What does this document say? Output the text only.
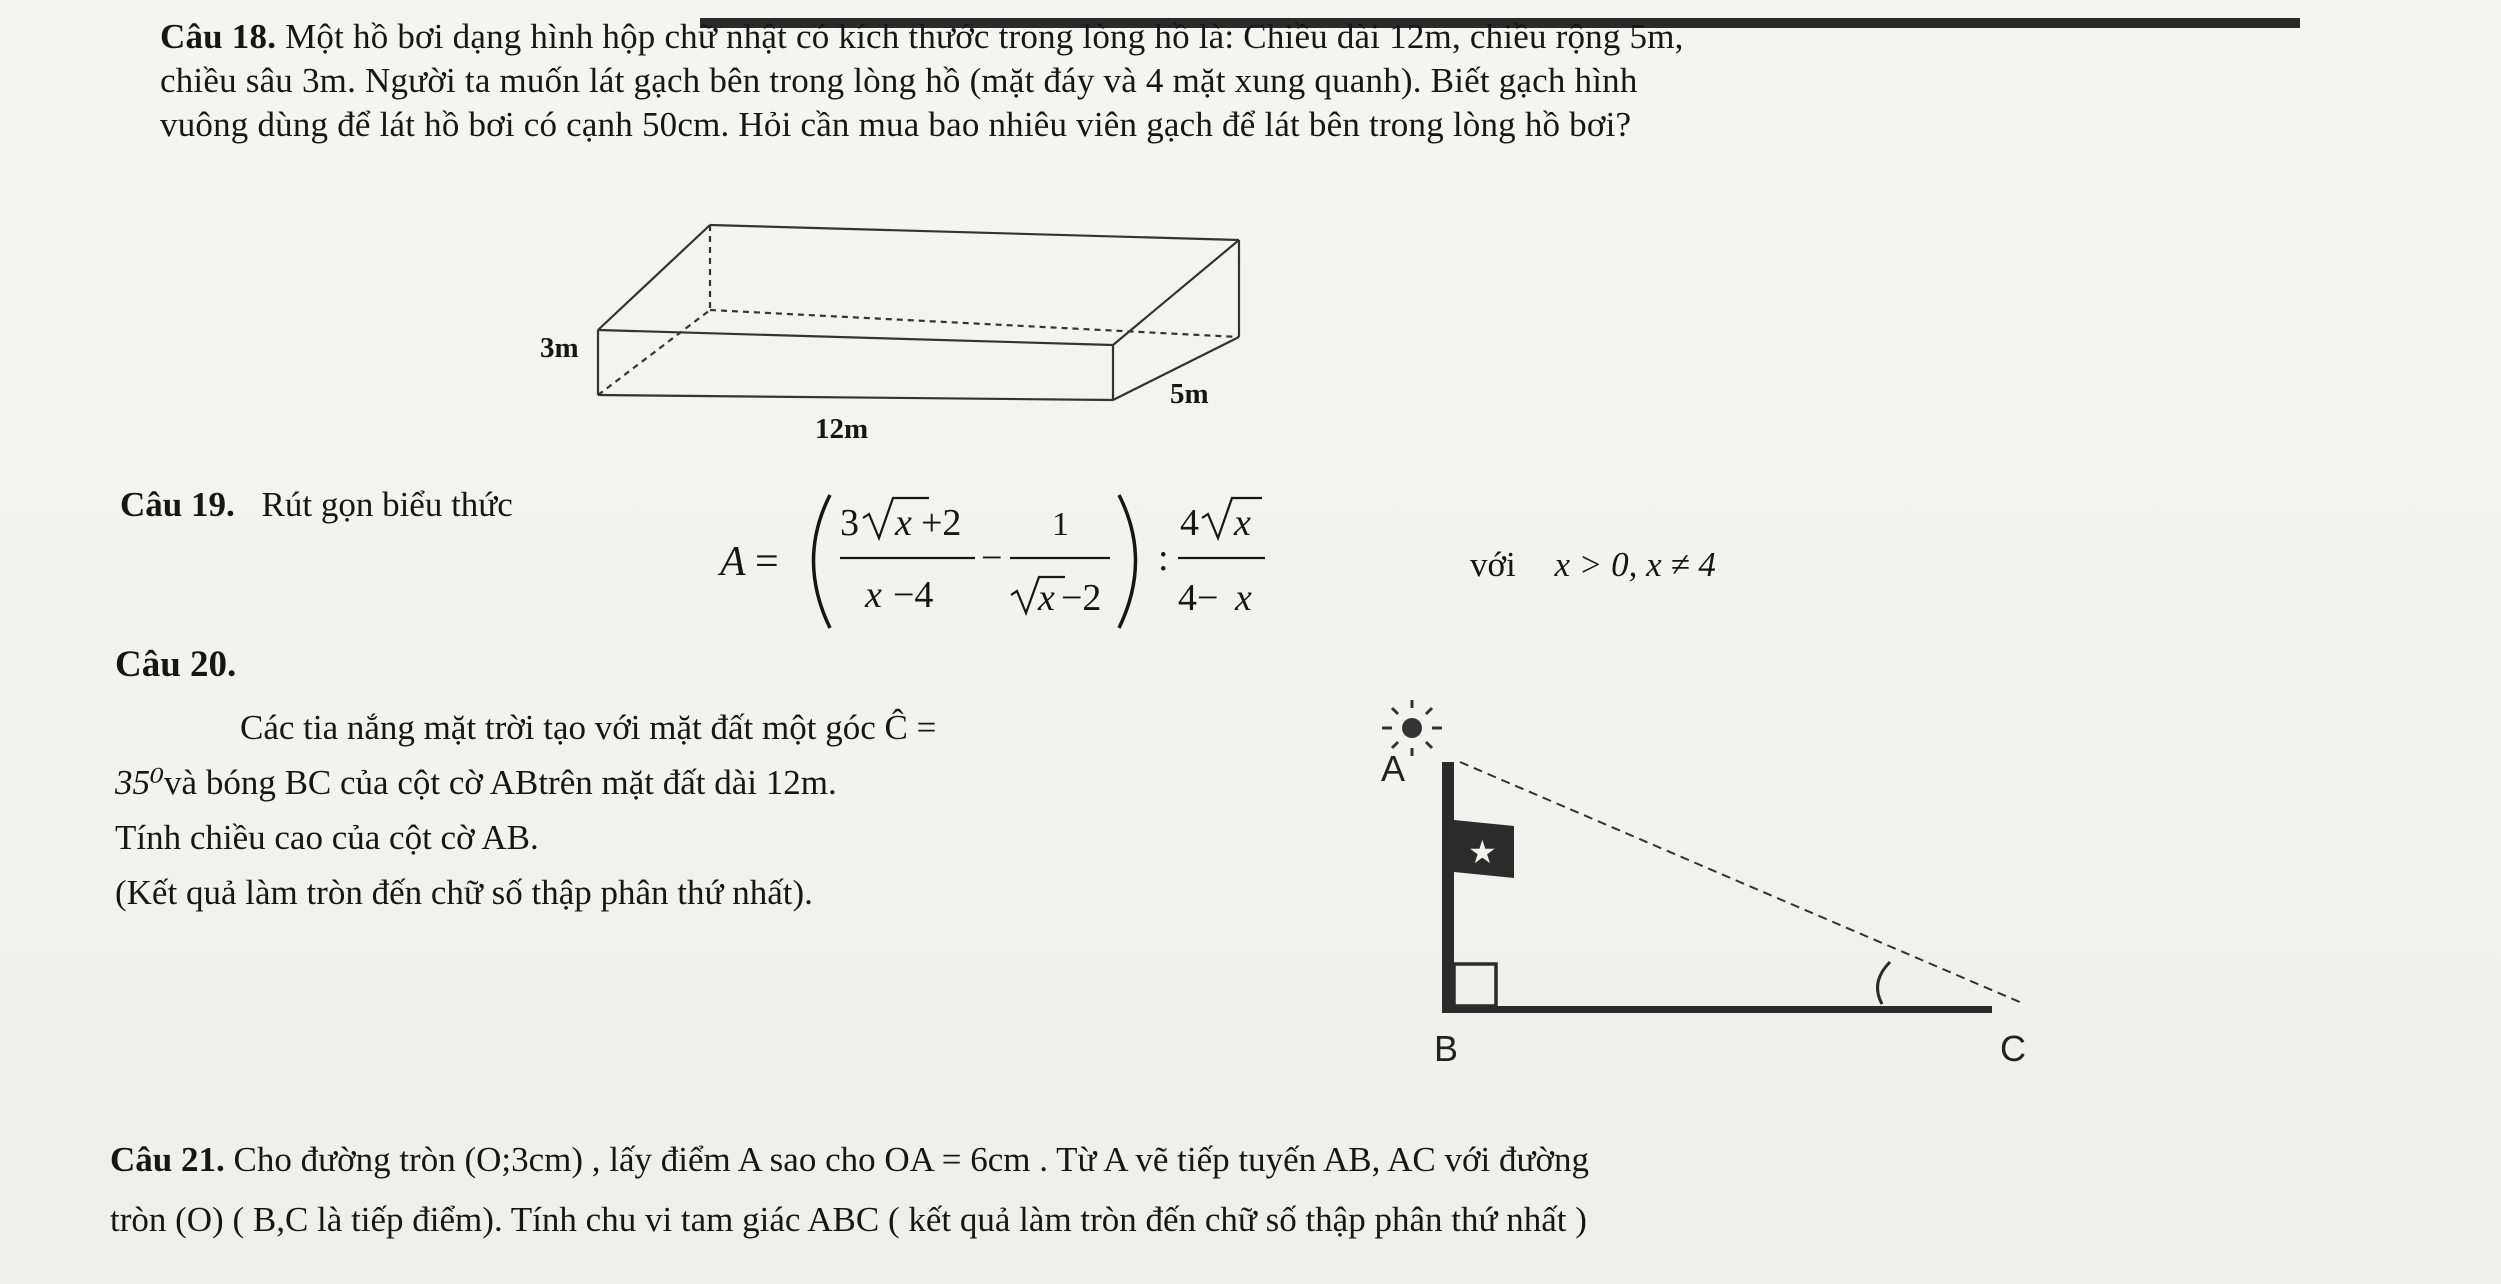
Câu 18. Một hồ bơi dạng hình hộp chữ nhật có kích thước trong lòng hồ là: Chiều dài 12m, chiều rộng 5m,
chiều sâu 3m. Người ta muốn lát gạch bên trong lòng hồ (mặt đáy và 4 mặt xung quanh). Biết gạch hình
vuông dùng để lát hồ bơi có cạnh 50cm. Hỏi cần mua bao nhiêu viên gạch để lát bên trong lòng hồ bơi?
3m
5m
12m
Câu 19. Rút gọn biểu thức
A =
3 x +2
x −4
−
1
x −2
:
4 x
4− x
với x > 0, x ≠ 4
Câu 20.
Các tia nắng mặt trời tạo với mặt đất một góc Ĉ =
35⁰và bóng BC của cột cờ ABtrên mặt đất dài 12m.
Tính chiều cao của cột cờ AB.
(Kết quả làm tròn đến chữ số thập phân thứ nhất).
★
A
B	C
Câu 21. Cho đường tròn (O;3cm) , lấy điểm A sao cho OA = 6cm . Từ A vẽ tiếp tuyến AB, AC với đường
tròn (O) ( B,C là tiếp điểm). Tính chu vi tam giác ABC ( kết quả làm tròn đến chữ số thập phân thứ nhất )
